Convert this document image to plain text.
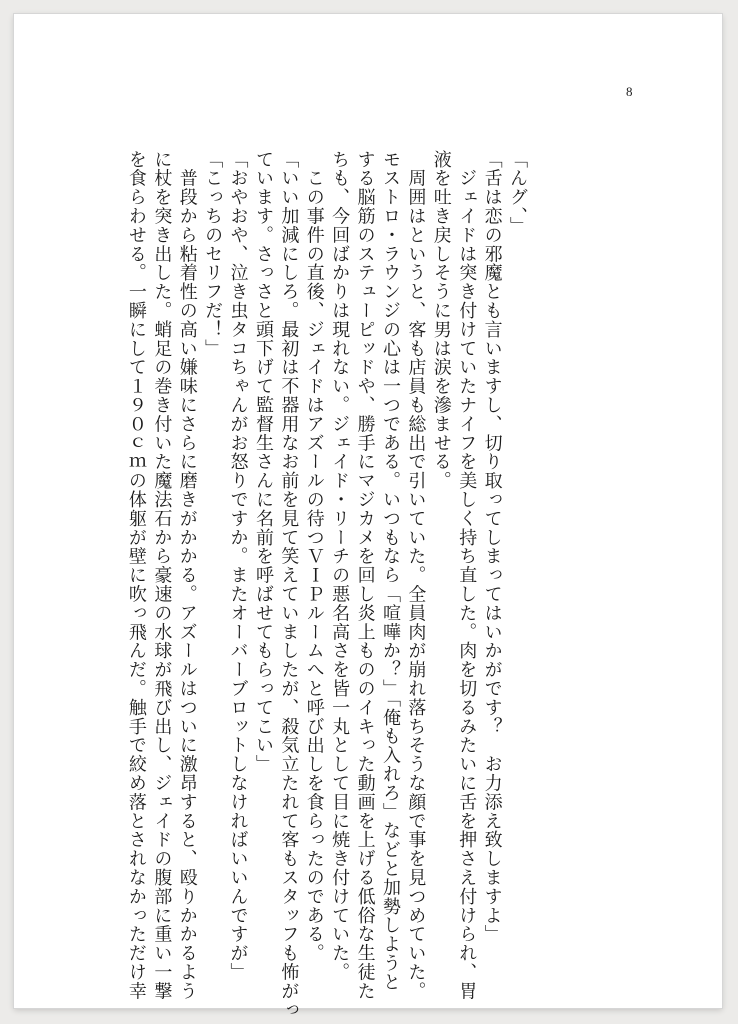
8
「んグ、」
「舌は恋の邪魔とも言いますし、切り取ってしまってはいかがです？　お力添え致しますよ」
　ジェイドは突き付けていたナイフを美しく持ち直した。肉を切るみたいに舌を押さえ付けられ、胃
液を吐き戻しそうに男は涙を滲ませる。
　周囲はというと、客も店員も総出で引いていた。全員肉が崩れ落ちそうな顔で事を見つめていた。
モストロ・ラウンジの心は一つである。いつもなら「喧嘩か？」「俺も入れろ」などと加勢しようと
する脳筋のステューピッドや、勝手にマジカメを回し炎上もののイキった動画を上げる低俗な生徒た
ちも、今回ばかりは現れない。ジェイド・リーチの悪名高さを皆一丸として目に焼き付けていた。
　この事件の直後、ジェイドはアズールの待つＶＩＰルームへと呼び出しを食らったのである。
「いい加減にしろ。最初は不器用なお前を見て笑えていましたが、殺気立たれて客もスタッフも怖がっ
ています。さっさと頭下げて監督生さんに名前を呼ばせてもらってこい」
「おやおや、泣き虫タコちゃんがお怒りですか。またオーバーブロットしなければいいんですが」
「こっちのセリフだ！」
　普段から粘着性の高い嫌味にさらに磨きがかかる。アズールはついに激昂すると、殴りかかるよう
に杖を突き出した。蛸足の巻き付いた魔法石から豪速の水球が飛び出し、ジェイドの腹部に重い一撃
を食らわせる。一瞬にして１９０ｃｍの体躯が壁に吹っ飛んだ。触手で絞め落とされなかっただけ幸
